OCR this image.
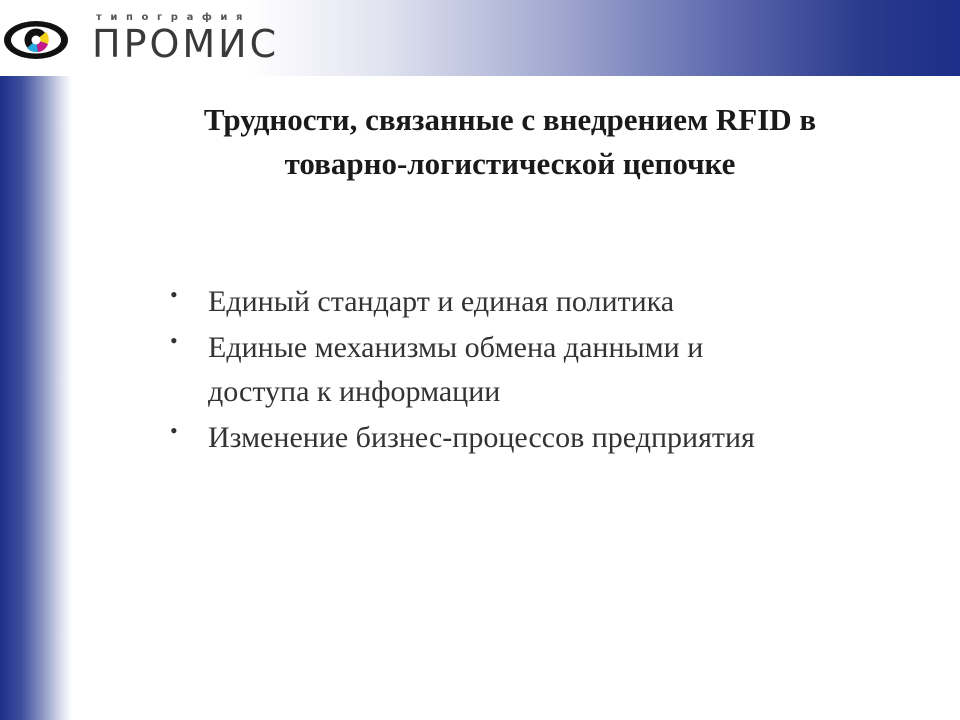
типография
ПРОМИС
Трудности, связанные с внедрением RFID в
товарно-логистической цепочке
• Единый стандарт и единая политика
• Единые механизмы обмена данными и
доступа к информации
• Изменение бизнес-процессов предприятия
